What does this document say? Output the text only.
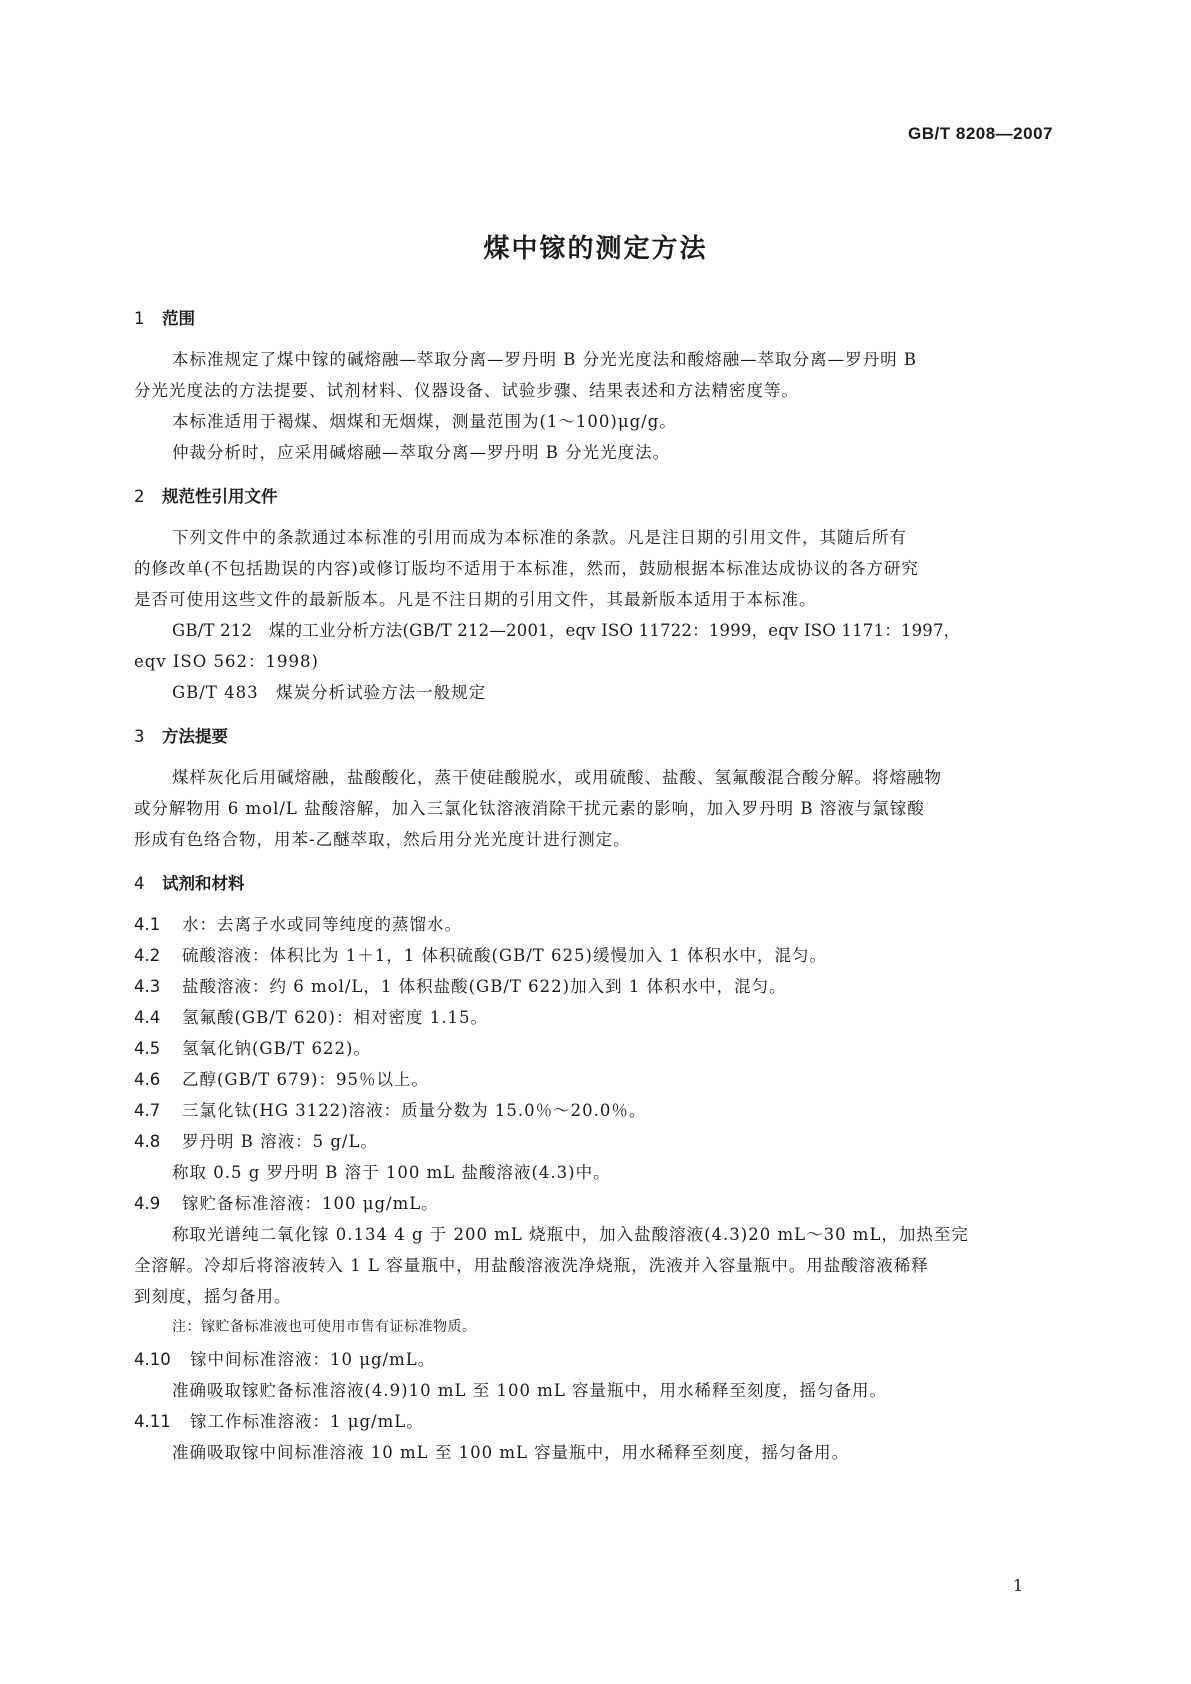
GB/T 8208—2007
煤中镓的测定方法
1 范围
本标准规定了煤中镓的碱熔融—萃取分离—罗丹明 B 分光光度法和酸熔融—萃取分离—罗丹明 B
分光光度法的方法提要、试剂材料、仪器设备、试验步骤、结果表述和方法精密度等。
本标准适用于褐煤、烟煤和无烟煤，测量范围为(1～100)μg/g。
仲裁分析时，应采用碱熔融—萃取分离—罗丹明 B 分光光度法。
2 规范性引用文件
下列文件中的条款通过本标准的引用而成为本标准的条款。凡是注日期的引用文件，其随后所有
的修改单(不包括勘误的内容)或修订版均不适用于本标准，然而，鼓励根据本标准达成协议的各方研究
是否可使用这些文件的最新版本。凡是不注日期的引用文件，其最新版本适用于本标准。
GB/T 212　煤的工业分析方法(GB/T 212—2001，eqv ISO 11722：1999，eqv ISO 1171：1997，
eqv ISO 562：1998)
GB/T 483　煤炭分析试验方法一般规定
3 方法提要
煤样灰化后用碱熔融，盐酸酸化，蒸干使硅酸脱水，或用硫酸、盐酸、氢氟酸混合酸分解。将熔融物
或分解物用 6 mol/L 盐酸溶解，加入三氯化钛溶液消除干扰元素的影响，加入罗丹明 B 溶液与氯镓酸
形成有色络合物，用苯-乙醚萃取，然后用分光光度计进行测定。
4 试剂和材料
4.1 水：去离子水或同等纯度的蒸馏水。
4.2 硫酸溶液：体积比为 1＋1，1 体积硫酸(GB/T 625)缓慢加入 1 体积水中，混匀。
4.3 盐酸溶液：约 6 mol/L，1 体积盐酸(GB/T 622)加入到 1 体积水中，混匀。
4.4 氢氟酸(GB/T 620)：相对密度 1.15。
4.5 氢氧化钠(GB/T 622)。
4.6 乙醇(GB/T 679)：95％以上。
4.7 三氯化钛(HG 3122)溶液：质量分数为 15.0％～20.0％。
4.8 罗丹明 B 溶液：5 g/L。
称取 0.5 g 罗丹明 B 溶于 100 mL 盐酸溶液(4.3)中。
4.9 镓贮备标准溶液：100 μg/mL。
称取光谱纯二氧化镓 0.134 4 g 于 200 mL 烧瓶中，加入盐酸溶液(4.3)20 mL～30 mL，加热至完
全溶解。冷却后将溶液转入 1 L 容量瓶中，用盐酸溶液洗净烧瓶，洗液并入容量瓶中。用盐酸溶液稀释
到刻度，摇匀备用。
注：镓贮备标准液也可使用市售有证标准物质。
4.10 镓中间标准溶液：10 μg/mL。
准确吸取镓贮备标准溶液(4.9)10 mL 至 100 mL 容量瓶中，用水稀释至刻度，摇匀备用。
4.11 镓工作标准溶液：1 μg/mL。
准确吸取镓中间标准溶液 10 mL 至 100 mL 容量瓶中，用水稀释至刻度，摇匀备用。
1
